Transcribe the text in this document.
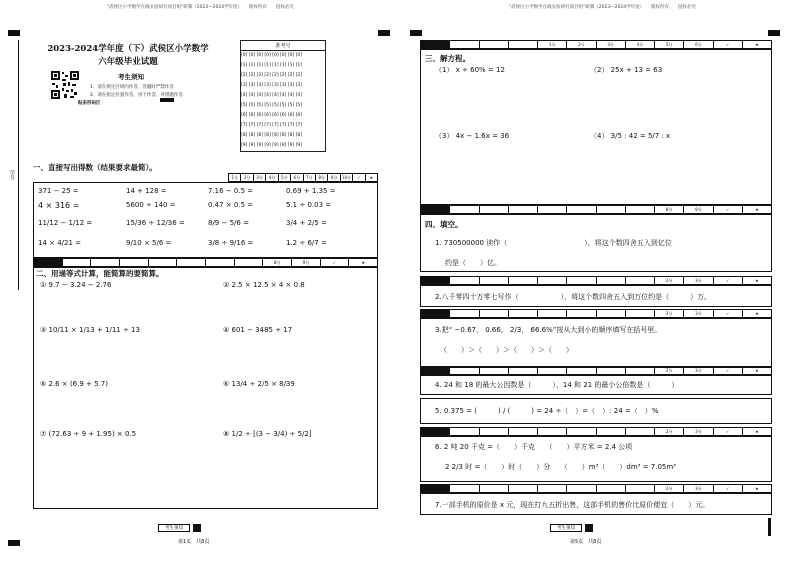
"武侯区小学数学在线实验研究项目组"研制（2023—2024学年度）　　版权所有　　侵权必究
学号
2023-2024学年度（下）武侯区小学数学
六年级毕业试题
考生须知
1．请在规定区域内作答，答题时严禁作答
2．请在指定位置作答，用于作答，对错题作答
贴条形码区
准考号
[0] [0] [0] [0] [0] [0] [0] [0]
[1] [1] [1] [1] [1] [1] [1] [1]
[2] [2] [2] [2] [2] [2] [2] [2]
[3] [3] [3] [3] [3] [3] [3] [3]
[4] [4] [4] [4] [4] [4] [4] [4]
[5] [5] [5] [5] [5] [5] [5] [5]
[6] [6] [6] [6] [6] [6] [6] [6]
[7] [7] [7] [7] [7] [7] [7] [7]
[8] [8] [8] [8] [8] [8] [8] [8]
[9] [9] [9] [9] [9] [9] [9] [9]
一、直接写出得数（结果要求最简）。
1分	2分	3分	4分	5分	6分	7分	8分	9分	10分	✓	★
371 − 25 =	14 + 128 =	7.16 − 0.5 =	0.69 + 1.35 =
4 × 316 =	5600 ÷ 140 =	0.47 × 0.5 =	5.1 ÷ 0.03 =
11/12 − 1/12 =	15/36 ÷ 12/36 =	8/9 − 5/6 =	3/4 + 2/5 =
14 × 4/21 =	9/10 × 5/6 =	3/8 ÷ 9/16 =	1.2 ÷ 6/7 =
8分	9分	✓	★
二、用递等式计算，能简算的要简算。
① 9.7 − 3.24 − 2.76	② 2.5 × 12.5 × 4 × 0.8
③ 10/11 × 1/13 + 1/11 ÷ 13	④ 601 − 3485 ÷ 17
⑤ 2.6 × (6.9 + 5.7)	⑥ 13/4 ÷ 2/5 × 8/39
⑦ (72.63 ÷ 9 + 1.95) × 0.5	⑧ 1/2 ÷ [(3 − 3/4) ÷ 5/2]
考生须知
第1页　共8页
"武侯区小学数学在线实验研究项目组"研制（2023—2024学年度）　　版权所有　　侵权必究
1分	2分	3分	4分	5分	6分	✓	★
三、解方程。
（1） x ÷ 60% = 12	（2） 25x + 13 = 63
（3） 4x − 1.6x = 36	（4） 3/5 : 42 = 5/7 : x
8分	9分	✓	★
四、填空。
1. 730500000 读作（　　　　　　　　　　　），将这个数四舍五入到亿位
约是（　　）亿。
2分	3分	✓	★
2.八千零四十万零七写作（　　　　　　），将这个数四舍五入到万位约是（　　　）万。
2分	3分	✓	★
3.把“ −0.67， 0.66， 2/3， 66.6%”按从大到小的顺序填写在括号里。
（　　）＞（　　）＞（　　）＞（　　）
2分	3分	✓	★
4. 24 和 18 的最大公因数是（　　　），14 和 21 的最小公倍数是（　　　）
5. 0.375 = (　　　) / (　　　) = 24 ÷（　）=（　）: 24 =（　）%
2分	3分	✓	★
6. 2 吨 20 千克 =（　　）千克　　（　　）平方米 = 2.4 公顷
2 2/3 时 =（　　）时（　　）分　　（　　）m³（　　）dm³ = 7.05m³
2分	3分	✓	★
7.一部手机的原价是 x 元，现在打九五折出售，这部手机的售价比原价便宜（　　）元。
考生须知
第5页　共8页
